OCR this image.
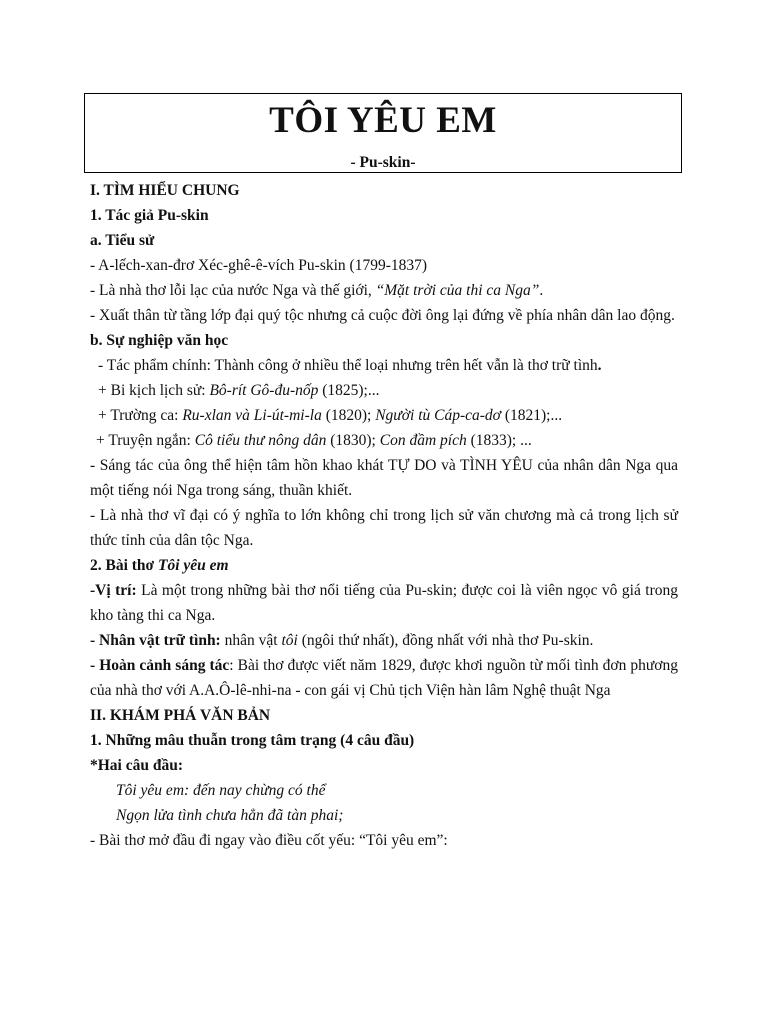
TÔI YÊU EM
- Pu-skin-

I. TÌM HIỂU CHUNG

1. Tác giả Pu-skin

a. Tiểu sử

- A-lếch-xan-đrơ Xéc-ghê-ê-vích Pu-skin (1799-1837)

- Là nhà thơ lỗi lạc của nước Nga và thế giới, “Mặt trời của thi ca Nga”.

- Xuất thân từ tầng lớp đại quý tộc nhưng cả cuộc đời ông lại đứng về phía nhân dân lao động.

b. Sự nghiệp văn học

- Tác phẩm chính: Thành công ở nhiều thể loại nhưng trên hết vẫn là thơ trữ tình.

+ Bi kịch lịch sử: Bô-rít Gô-đu-nốp (1825);...

+ Trường ca: Ru-xlan và Li-út-mi-la (1820); Người tù Cáp-ca-dơ (1821);...

+ Truyện ngắn: Cô tiểu thư nông dân (1830); Con đầm pích (1833); ...

- Sáng tác của ông thể hiện tâm hồn khao khát TỰ DO và TÌNH YÊU của nhân dân Nga qua một tiếng nói Nga trong sáng, thuần khiết.

- Là nhà thơ vĩ đại có ý nghĩa to lớn không chỉ trong lịch sử văn chương mà cả trong lịch sử thức tỉnh của dân tộc Nga.

2. Bài thơ Tôi yêu em

-Vị trí: Là một trong những bài thơ nổi tiếng của Pu-skin; được coi là viên ngọc vô giá trong kho tàng thi ca Nga.

- Nhân vật trữ tình: nhân vật tôi (ngôi thứ nhất), đồng nhất với nhà thơ Pu-skin.

- Hoàn cảnh sáng tác: Bài thơ được viết năm 1829, được khơi nguồn từ mối tình đơn phương của nhà thơ với A.A.Ô-lê-nhi-na - con gái vị Chủ tịch Viện hàn lâm Nghệ thuật Nga

II. KHÁM PHÁ VĂN BẢN

1. Những mâu thuẫn trong tâm trạng (4 câu đầu)

*Hai câu đầu:

Tôi yêu em: đến nay chừng có thể

Ngọn lửa tình chưa hẳn đã tàn phai;

- Bài thơ mở đầu đi ngay vào điều cốt yếu: “Tôi yêu em”:
